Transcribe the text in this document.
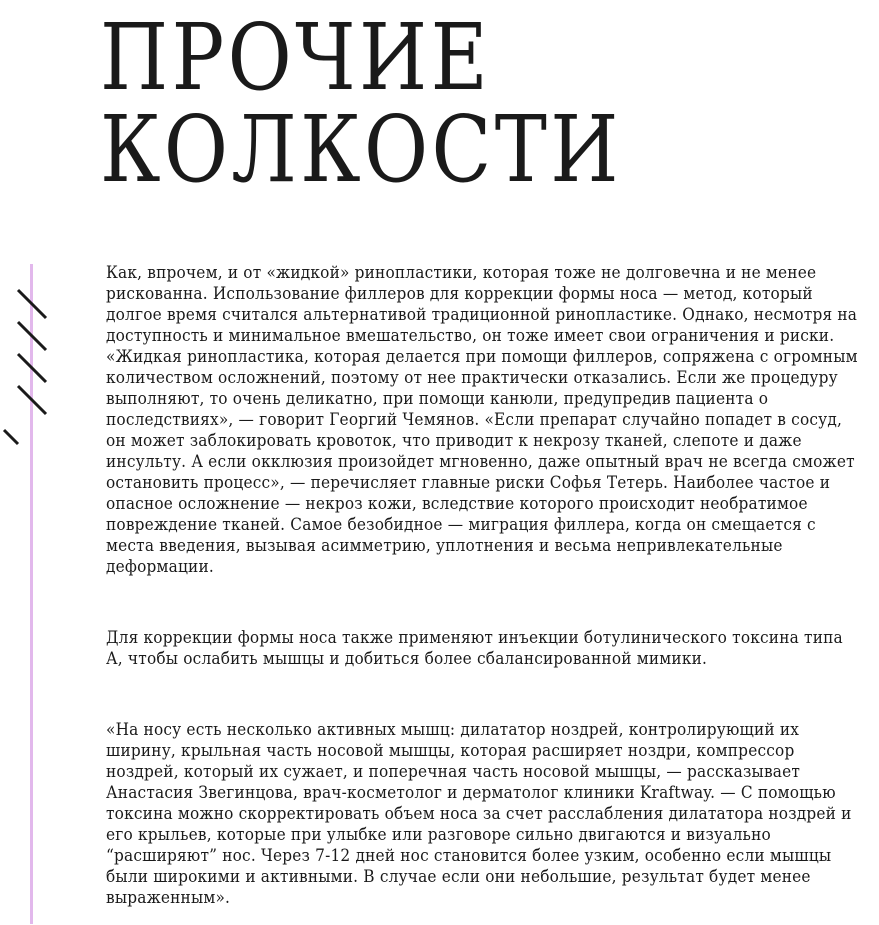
ПРОЧИЕ
КОЛКОСТИ

Как, впрочем, и от «жидкой» ринопластики, которая тоже не долговечна и не менее рискованна. Использование филлеров для коррекции формы носа — метод, который долгое время считался альтернативой традиционной ринопластике. Однако, несмотря на доступность и минимальное вмешательство, он тоже имеет свои ограничения и риски. «Жидкая ринопластика, которая делается при помощи филлеров, сопряжена с огромным количеством осложнений, поэтому от нее практически отказались. Если же процедуру выполняют, то очень деликатно, при помощи канюли, предупредив пациента о последствиях», — говорит Георгий Чемянов. «Если препарат случайно попадет в сосуд, он может заблокировать кровоток, что приводит к некрозу тканей, слепоте и даже инсульту. А если окклюзия произойдет мгновенно, даже опытный врач не всегда сможет остановить процесс», — перечисляет главные риски Софья Тетерь. Наиболее частое и опасное осложнение — некроз кожи, вследствие которого происходит необратимое повреждение тканей. Самое безобидное — миграция филлера, когда он смещается с места введения, вызывая асимметрию, уплотнения и весьма непривлекательные деформации.

Для коррекции формы носа также применяют инъекции ботулинического токсина типа А, чтобы ослабить мышцы и добиться более сбалансированной мимики.

«На носу есть несколько активных мышц: дилататор ноздрей, контролирующий их ширину, крыльная часть носовой мышцы, которая расширяет ноздри, компрессор ноздрей, который их сужает, и поперечная часть носовой мышцы, — рассказывает Анастасия Звегинцова, врач-косметолог и дерматолог клиники Kraftway. — С помощью токсина можно скорректировать объем носа за счет расслабления дилататора ноздрей и его крыльев, которые при улыбке или разговоре сильно двигаются и визуально “расширяют” нос. Через 7-12 дней нос становится более узким, особенно если мышцы были широкими и активными. В случае если они небольшие, результат будет менее выраженным».
